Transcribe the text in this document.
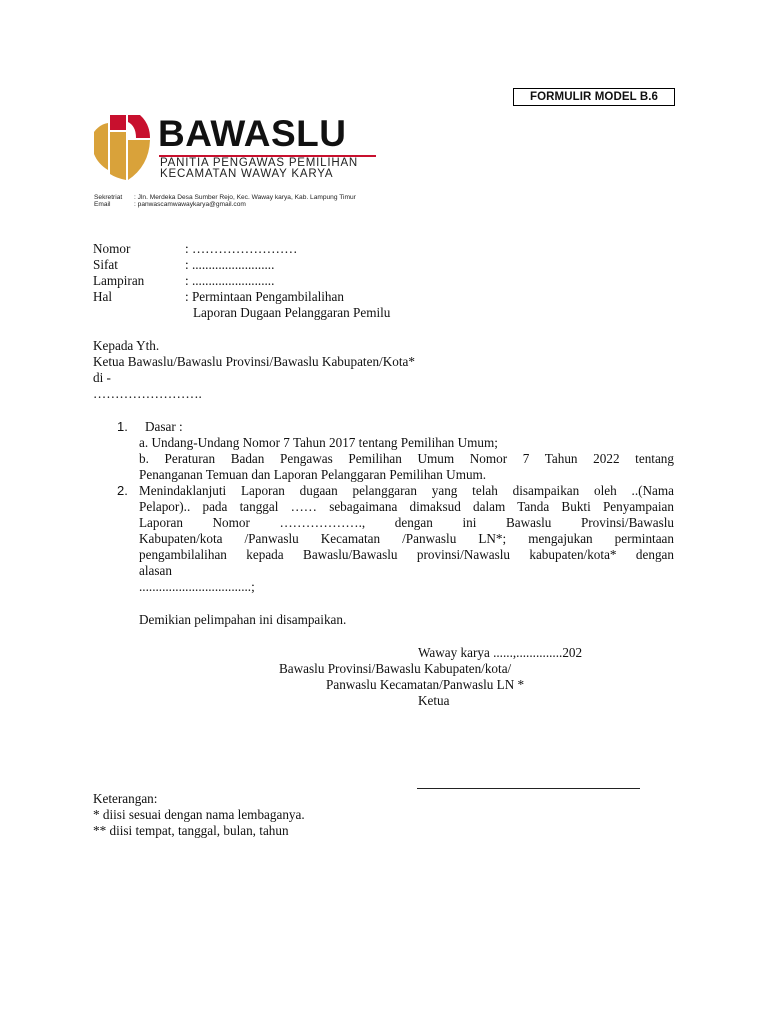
FORMULIR MODEL B.6
BAWASLU
PANITIA PENGAWAS PEMILIHAN
KECAMATAN WAWAY KARYA
Sekretriat : Jln. Merdeka Desa Sumber Rejo, Kec. Waway karya, Kab. Lampung Timur
Email	: panwascamwawaykarya@gmail.com
Nomor	: ……………………
Sifat	: .........................
Lampiran	: .........................
Hal	: Permintaan Pengambilalihan
Laporan Dugaan Pelanggaran Pemilu
Kepada Yth.
Ketua Bawaslu/Bawaslu Provinsi/Bawaslu Kabupaten/Kota*
di -
…………………….
1. Dasar :
a. Undang-Undang Nomor 7 Tahun 2017 tentang Pemilihan Umum;
b. Peraturan Badan Pengawas Pemilihan Umum Nomor 7 Tahun 2022 tentang
Penanganan Temuan dan Laporan Pelanggaran Pemilihan Umum.
2. Menindaklanjuti Laporan dugaan pelanggaran yang telah disampaikan oleh ..(Nama
Pelapor).. pada tanggal …… sebagaimana dimaksud dalam Tanda Bukti Penyampaian
Laporan Nomor ………………., dengan ini Bawaslu Provinsi/Bawaslu
Kabupaten/kota /Panwaslu Kecamatan /Panwaslu LN*; mengajukan permintaan
pengambilalihan kepada Bawaslu/Bawaslu provinsi/Nawaslu kabupaten/kota* dengan
alasan
..................................;
Demikian pelimpahan ini disampaikan.
Waway karya ......,..............202
Bawaslu Provinsi/Bawaslu Kabupaten/kota/
Panwaslu Kecamatan/Panwaslu LN *
Ketua
Keterangan:
* diisi sesuai dengan nama lembaganya.
** diisi tempat, tanggal, bulan, tahun
